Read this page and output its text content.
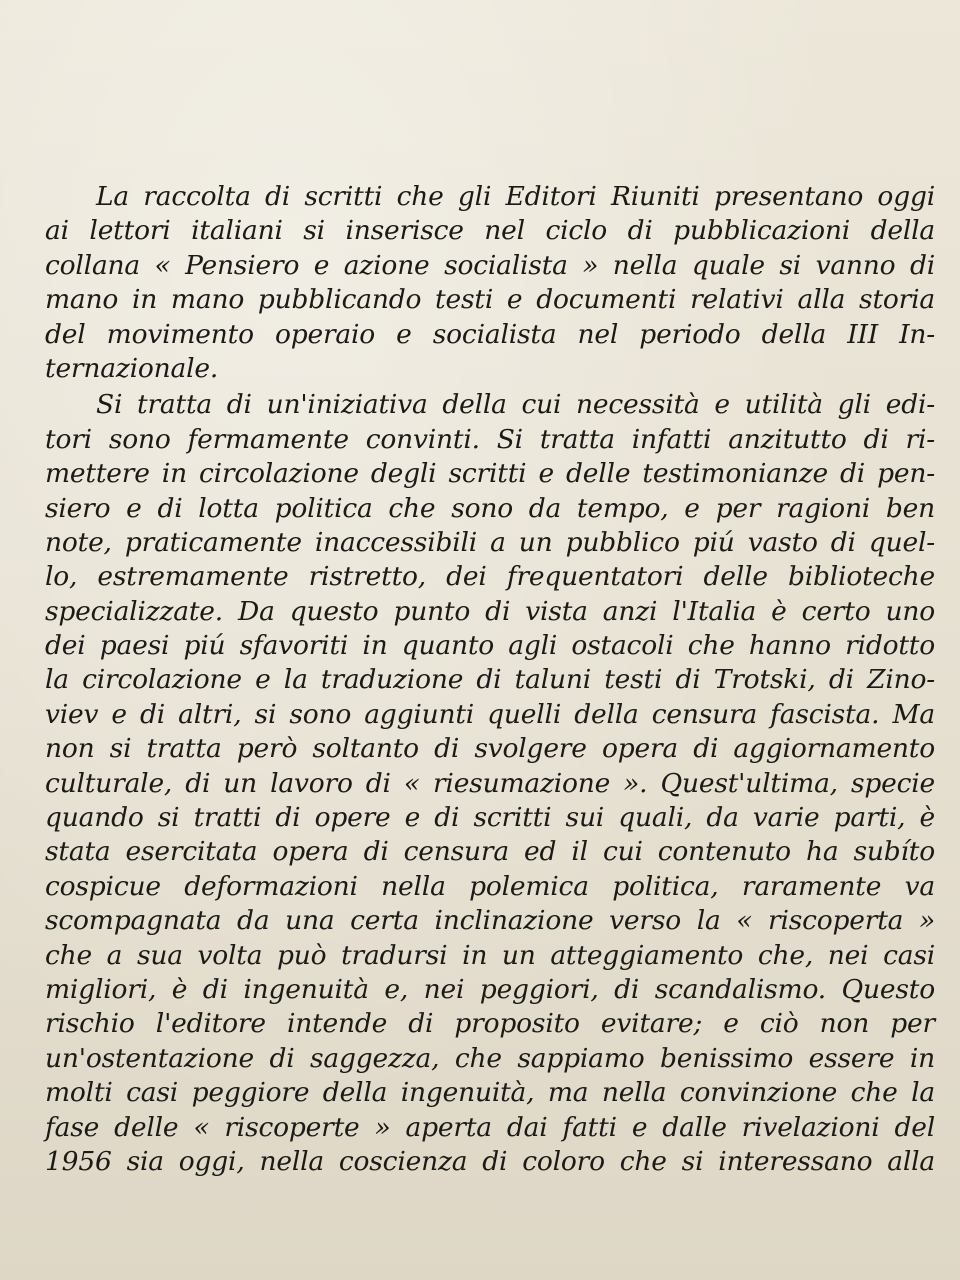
La raccolta di scritti che gli Editori Riuniti presentano oggi
ai lettori italiani si inserisce nel ciclo di pubblicazioni della
collana « Pensiero e azione socialista » nella quale si vanno di
mano in mano pubblicando testi e documenti relativi alla storia
del movimento operaio e socialista nel periodo della III In-
ternazionale.
Si tratta di un'iniziativa della cui necessità e utilità gli edi-
tori sono fermamente convinti. Si tratta infatti anzitutto di ri-
mettere in circolazione degli scritti e delle testimonianze di pen-
siero e di lotta politica che sono da tempo, e per ragioni ben
note, praticamente inaccessibili a un pubblico piú vasto di quel-
lo, estremamente ristretto, dei frequentatori delle biblioteche
specializzate. Da questo punto di vista anzi l'Italia è certo uno
dei paesi piú sfavoriti in quanto agli ostacoli che hanno ridotto
la circolazione e la traduzione di taluni testi di Trotski, di Zino-
viev e di altri, si sono aggiunti quelli della censura fascista. Ma
non si tratta però soltanto di svolgere opera di aggiornamento
culturale, di un lavoro di « riesumazione ». Quest'ultima, specie
quando si tratti di opere e di scritti sui quali, da varie parti, è
stata esercitata opera di censura ed il cui contenuto ha subíto
cospicue deformazioni nella polemica politica, raramente va
scompagnata da una certa inclinazione verso la « riscoperta »
che a sua volta può tradursi in un atteggiamento che, nei casi
migliori, è di ingenuità e, nei peggiori, di scandalismo. Questo
rischio l'editore intende di proposito evitare; e ciò non per
un'ostentazione di saggezza, che sappiamo benissimo essere in
molti casi peggiore della ingenuità, ma nella convinzione che la
fase delle « riscoperte » aperta dai fatti e dalle rivelazioni del
1956 sia oggi, nella coscienza di coloro che si interessano alla
